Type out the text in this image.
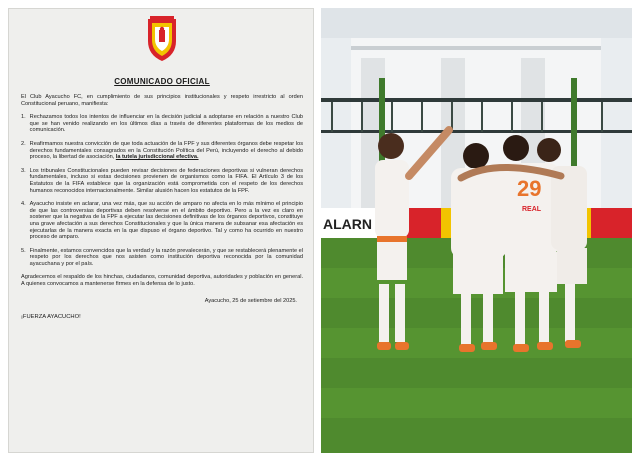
COMUNICADO OFICIAL

El Club Ayacucho FC, en cumplimiento de sus principios institucionales y respeto irrestricto al orden Constitucional peruano, manifiesta:

1. Rechazamos todos los intentos de influenciar en la decisión judicial a adoptarse en relación a nuestro Club que se han venido realizando en los últimos días a través de diferentes plataformas de los medios de comunicación.
2. Reafirmamos nuestra convicción de que toda actuación de la FPF y sus diferentes órganos debe respetar los derechos fundamentales consagrados en la Constitución Política del Perú, incluyendo el derecho al debido proceso, la libertad de asociación, la tutela jurisdiccional efectiva.
3. Los tribunales Constitucionales pueden revisar decisiones de federaciones deportivas si vulneran derechos fundamentales, incluso si estas decisiones provienen de organismos como la FIFA. El Artículo 3 de los Estatutos de la FIFA establece que la organización está comprometida con el respeto de los derechos humanos reconocidos internacionalmente. Similar alusión hacen los estatutos de la FPF.
4. Ayacucho insiste en aclarar, una vez más, que su acción de amparo no afecta en lo más mínimo el principio de que las controversias deportivas deben resolverse en el ámbito deportivo. Pero a la vez es claro en sostener que la negativa de la FPF a ejecutar las decisiones definitivas de los órganos deportivos, constituye una grave afectación a sus derechos Constitucionales y que la única manera de subsanar esa afectación es ejecutarlas de la manera exacta en la que dispuso el órgano deportivo. Tal y como ha ocurrido en nuestro proceso de amparo.
5. Finalmente, estamos convencidos que la verdad y la razón prevalecerán, y que se restablecerá plenamente el respeto por los derechos que nos asisten como institución deportiva reconocida por la comunidad ayacuchana y por el país.

Agradecemos el respaldo de los hinchas, ciudadanos, comunidad deportiva, autoridades y población en general. A quienes convocamos a mantenerse firmes en la defensa de lo justo.

Ayacucho, 25 de setiembre del 2025.
¡FUERZA AYACUCHO!
ALARN
29
REAL
